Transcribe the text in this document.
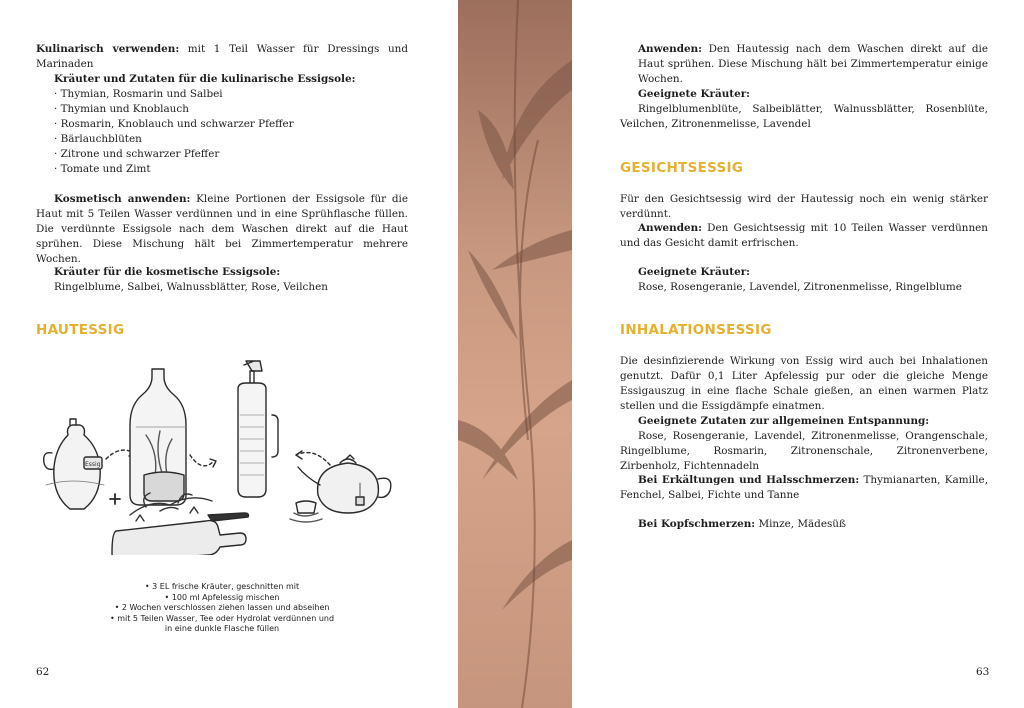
Kulinarisch verwenden: mit 1 Teil Wasser für Dressings und Marinaden

Kräuter und Zutaten für die kulinarische Essigsole:

· Thymian, Rosmarin und Salbei

· Thymian und Knoblauch

· Rosmarin, Knoblauch und schwarzer Pfeffer

· Bärlauchblüten

· Zitrone und schwarzer Pfeffer

· Tomate und Zimt

Kosmetisch anwenden: Kleine Portionen der Essigsole für die Haut mit 5 Teilen Wasser verdünnen und in eine Sprühflasche füllen. Die verdünnte Essigsole nach dem Waschen direkt auf die Haut sprühen. Diese Mischung hält bei Zimmertemperatur mehrere Wochen.

Kräuter für die kosmetische Essigsole:

Ringelblume, Salbei, Walnussblätter, Rose, Veilchen

HAUTESSIG
Essig
• 3 EL frische Kräuter, geschnitten mit
• 100 ml Apfelessig mischen
• 2 Wochen verschlossen ziehen lassen und abseihen
• mit 5 Teilen Wasser, Tee oder Hydrolat verdünnen und
in eine dunkle Flasche füllen
62

Anwenden: Den Hautessig nach dem Waschen direkt auf die Haut sprühen. Diese Mischung hält bei Zimmertemperatur einige Wochen.

Geeignete Kräuter:

Ringelblumenblüte, Salbeiblätter, Walnussblätter, Rosenblüte, Veilchen, Zitronenmelisse, Lavendel

GESICHTSESSIG

Für den Gesichtsessig wird der Hautessig noch ein wenig stärker verdünnt.

Anwenden: Den Gesichtsessig mit 10 Teilen Wasser verdünnen und das Gesicht damit erfrischen.

Geeignete Kräuter:

Rose, Rosengeranie, Lavendel, Zitronenmelisse, Ringelblume

INHALATIONSESSIG

Die desinfizierende Wirkung von Essig wird auch bei Inhalationen genutzt. Dafür 0,1 Liter Apfelessig pur oder die gleiche Menge Essigauszug in eine flache Schale gießen, an einen warmen Platz stellen und die Essigdämpfe einatmen.

Geeignete Zutaten zur allgemeinen Entspannung:

Rose, Rosengeranie, Lavendel, Zitronenmelisse, Orangenschale, Ringelblume, Rosmarin, Zitronenschale, Zitronenverbene, Zirbenholz, Fichtennadeln

Bei Erkältungen und Halsschmerzen: Thymianarten, Kamille, Fenchel, Salbei, Fichte und Tanne

Bei Kopfschmerzen: Minze, Mädesüß

63
